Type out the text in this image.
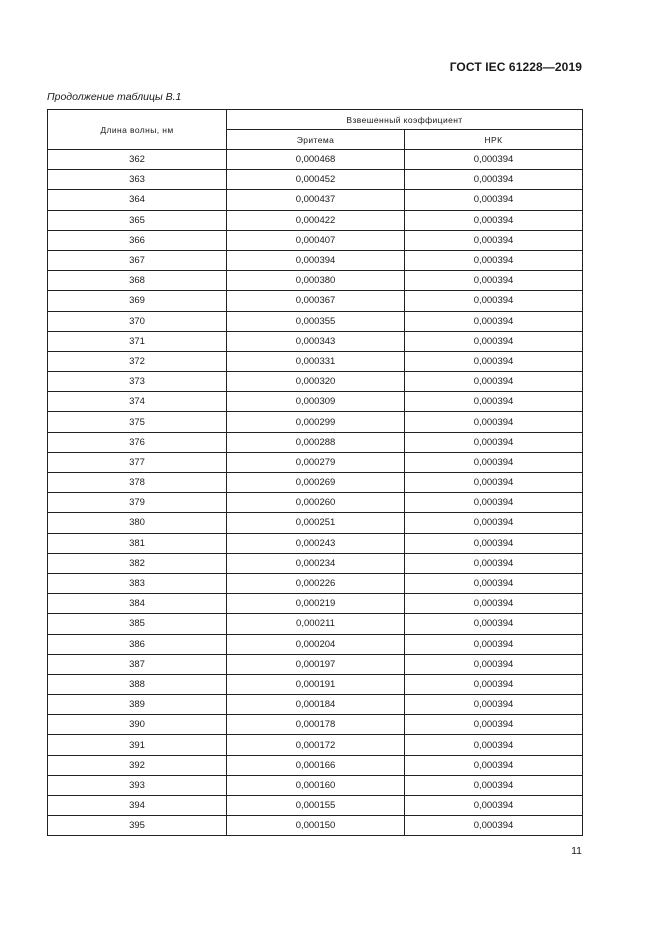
ГОСТ IEC 61228—2019
Продолжение таблицы В.1
Длина волны, нм	Взвешенный коэффициент	
	Эритема	НРК
362	0,000468	0,000394
363	0,000452	0,000394
364	0,000437	0,000394
365	0,000422	0,000394
366	0,000407	0,000394
367	0,000394	0,000394
368	0,000380	0,000394
369	0,000367	0,000394
370	0,000355	0,000394
371	0,000343	0,000394
372	0,000331	0,000394
373	0,000320	0,000394
374	0,000309	0,000394
375	0,000299	0,000394
376	0,000288	0,000394
377	0,000279	0,000394
378	0,000269	0,000394
379	0,000260	0,000394
380	0,000251	0,000394
381	0,000243	0,000394
382	0,000234	0,000394
383	0,000226	0,000394
384	0,000219	0,000394
385	0,000211	0,000394
386	0,000204	0,000394
387	0,000197	0,000394
388	0,000191	0,000394
389	0,000184	0,000394
390	0,000178	0,000394
391	0,000172	0,000394
392	0,000166	0,000394
393	0,000160	0,000394
394	0,000155	0,000394
395	0,000150	0,000394
11
